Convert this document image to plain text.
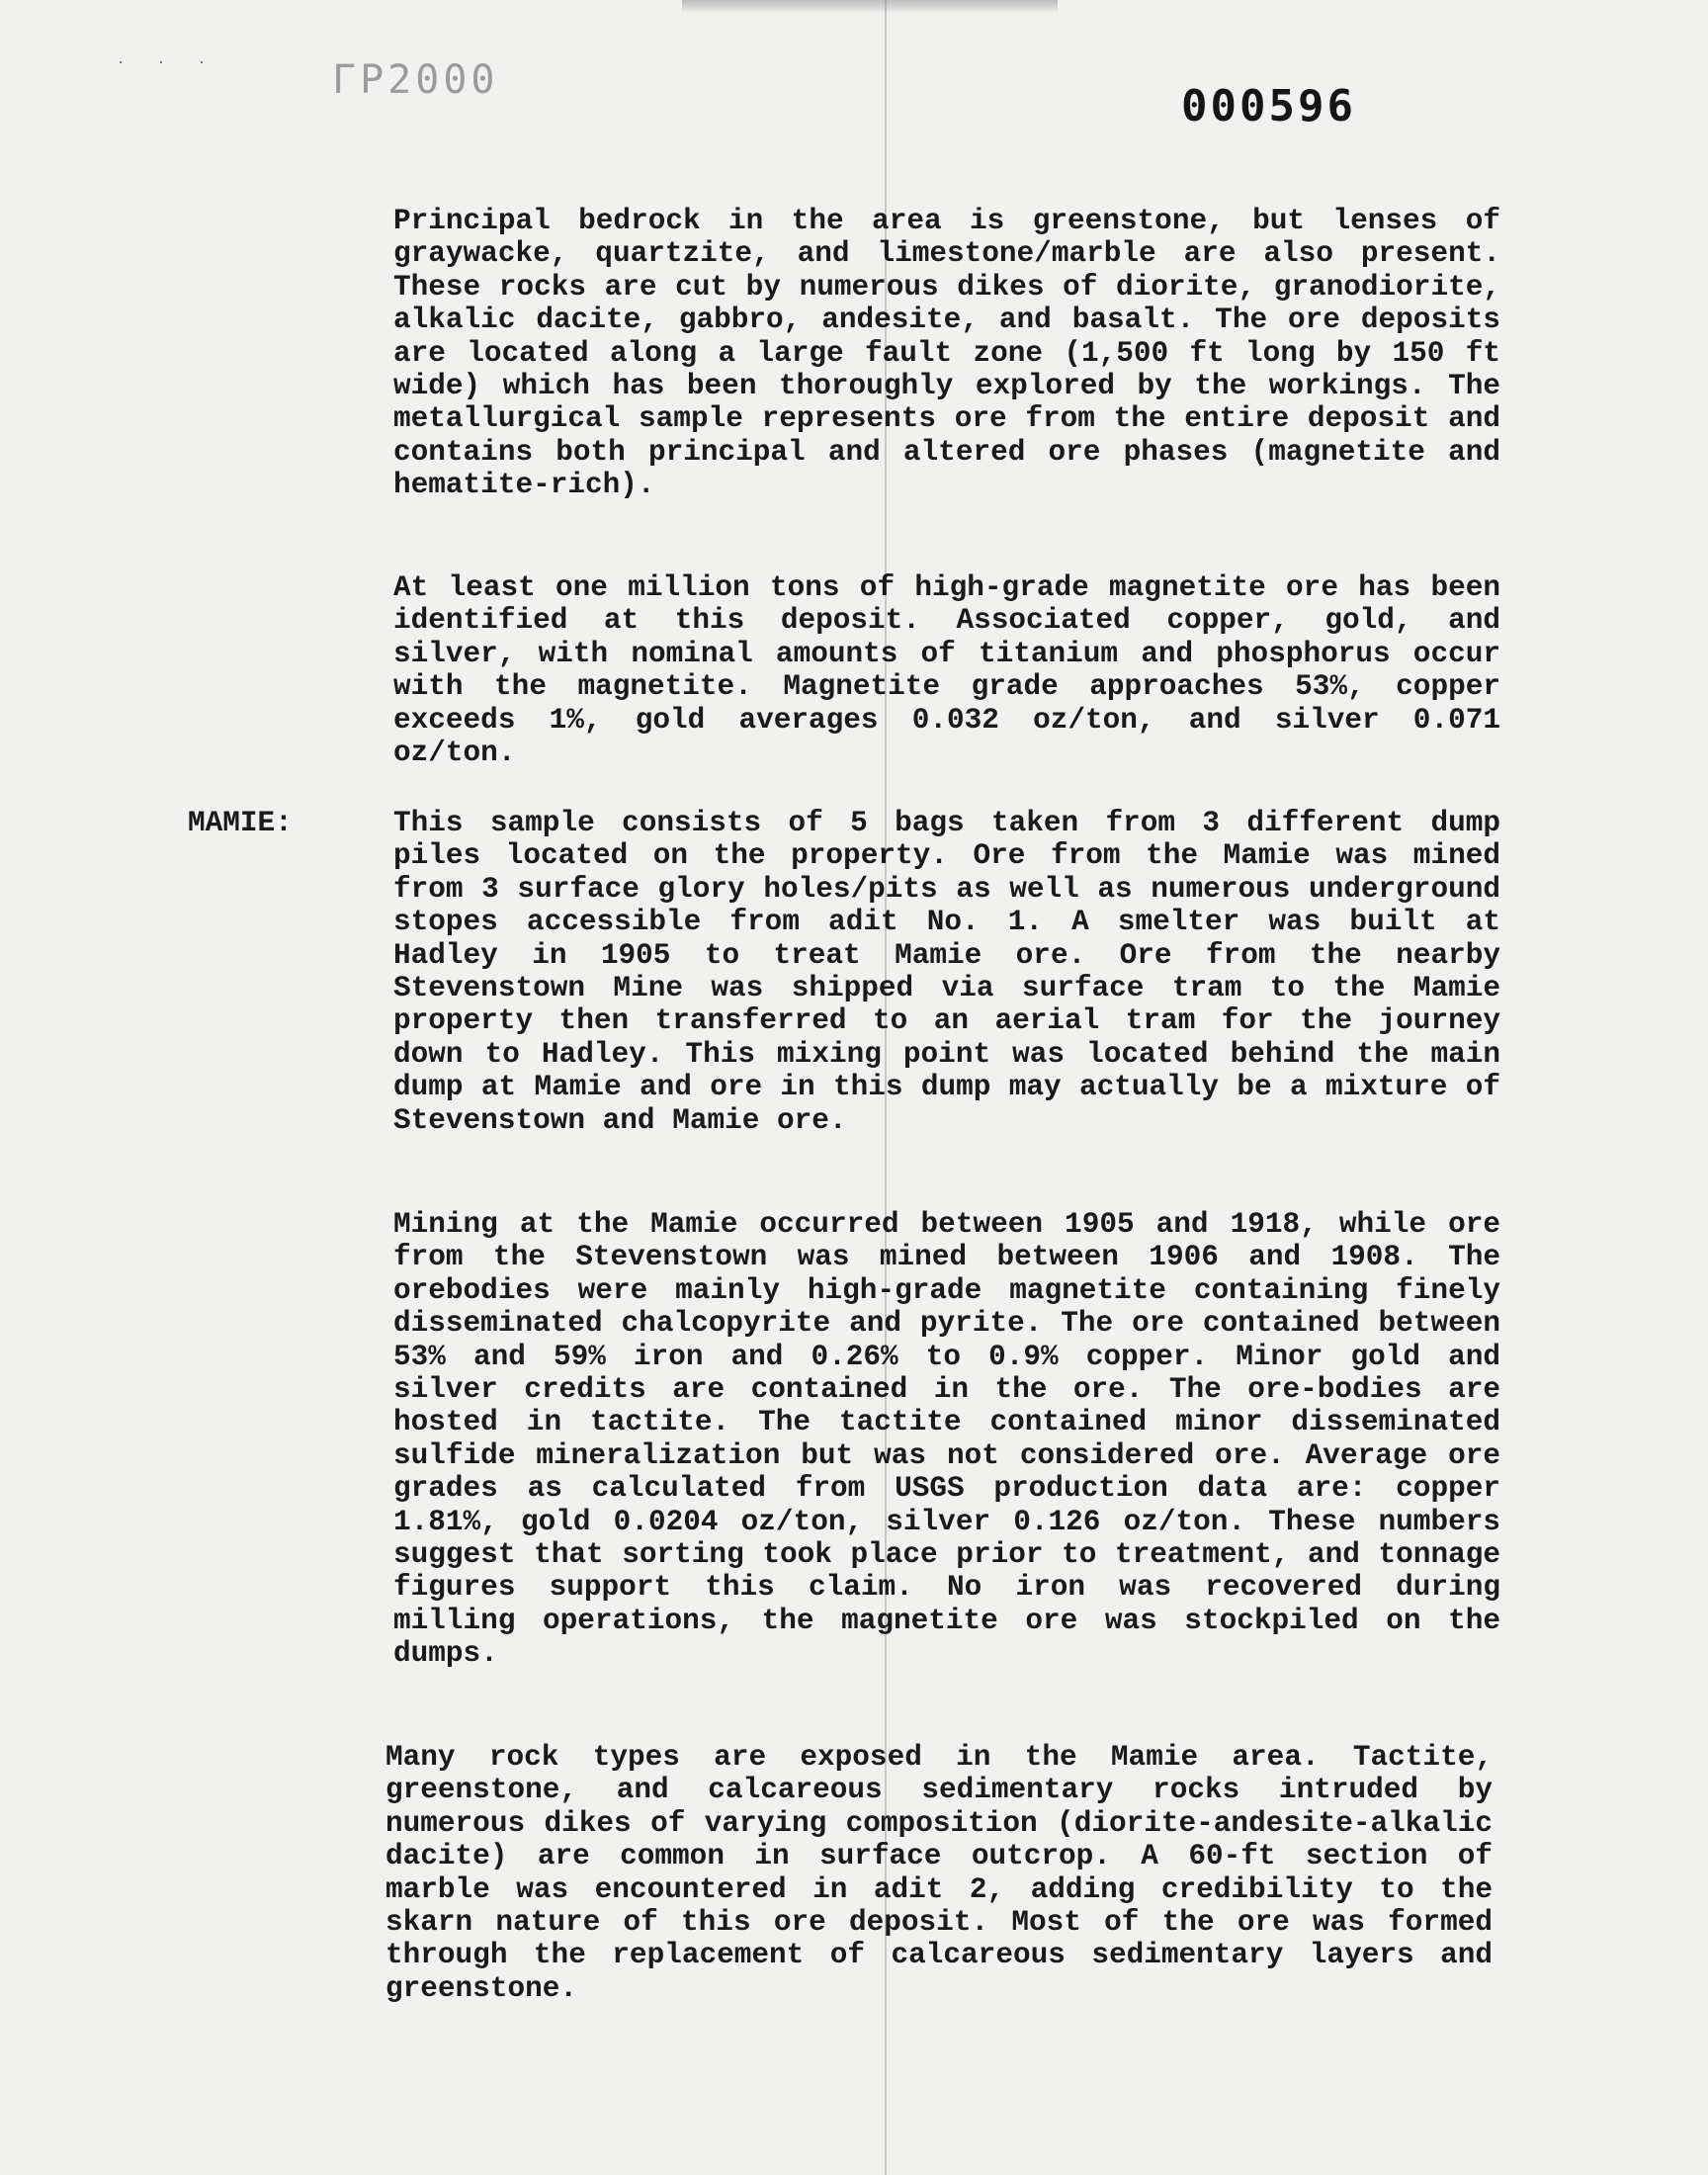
· · ·	ΓP2000
000596
Principal bedrock in the area is greenstone, but lenses of graywacke, quartzite, and limestone/marble are also present. These rocks are cut by numerous dikes of diorite, granodiorite, alkalic dacite, gabbro, andesite, and basalt. The ore deposits are located along a large fault zone (1,500 ft long by 150 ft wide) which has been thoroughly explored by the workings. The metallurgical sample represents ore from the entire deposit and contains both principal and altered ore phases (magnetite and hematite-rich).
At least one million tons of high-grade magnetite ore has been identified at this deposit. Associated copper, gold, and silver, with nominal amounts of titanium and phosphorus occur with the magnetite. Magnetite grade approaches 53%, copper exceeds 1%, gold averages 0.032 oz/ton, and silver 0.071 oz/ton.
MAMIE:	This sample consists of 5 bags taken from 3 different dump piles located on the property. Ore from the Mamie was mined from 3 surface glory holes/pits as well as numerous underground stopes accessible from adit No. 1. A smelter was built at Hadley in 1905 to treat Mamie ore. Ore from the nearby Stevenstown Mine was shipped via surface tram to the Mamie property then transferred to an aerial tram for the journey down to Hadley. This mixing point was located behind the main dump at Mamie and ore in this dump may actually be a mixture of Stevenstown and Mamie ore.
Mining at the Mamie occurred between 1905 and 1918, while ore from the Stevenstown was mined between 1906 and 1908. The orebodies were mainly high-grade magnetite containing finely disseminated chalcopyrite and pyrite. The ore contained between 53% and 59% iron and 0.26% to 0.9% copper. Minor gold and silver credits are contained in the ore. The ore-bodies are hosted in tactite. The tactite contained minor disseminated sulfide mineralization but was not considered ore. Average ore grades as calculated from USGS production data are: copper 1.81%, gold 0.0204 oz/ton, silver 0.126 oz/ton. These numbers suggest that sorting took place prior to treatment, and tonnage figures support this claim. No iron was recovered during milling operations, the magnetite ore was stockpiled on the dumps.
Many rock types are exposed in the Mamie area. Tactite, greenstone, and calcareous sedimentary rocks intruded by numerous dikes of varying composition (diorite-andesite-alkalic dacite) are common in surface outcrop. A 60-ft section of marble was encountered in adit 2, adding credibility to the skarn nature of this ore deposit. Most of the ore was formed through the replacement of calcareous sedimentary layers and greenstone.
